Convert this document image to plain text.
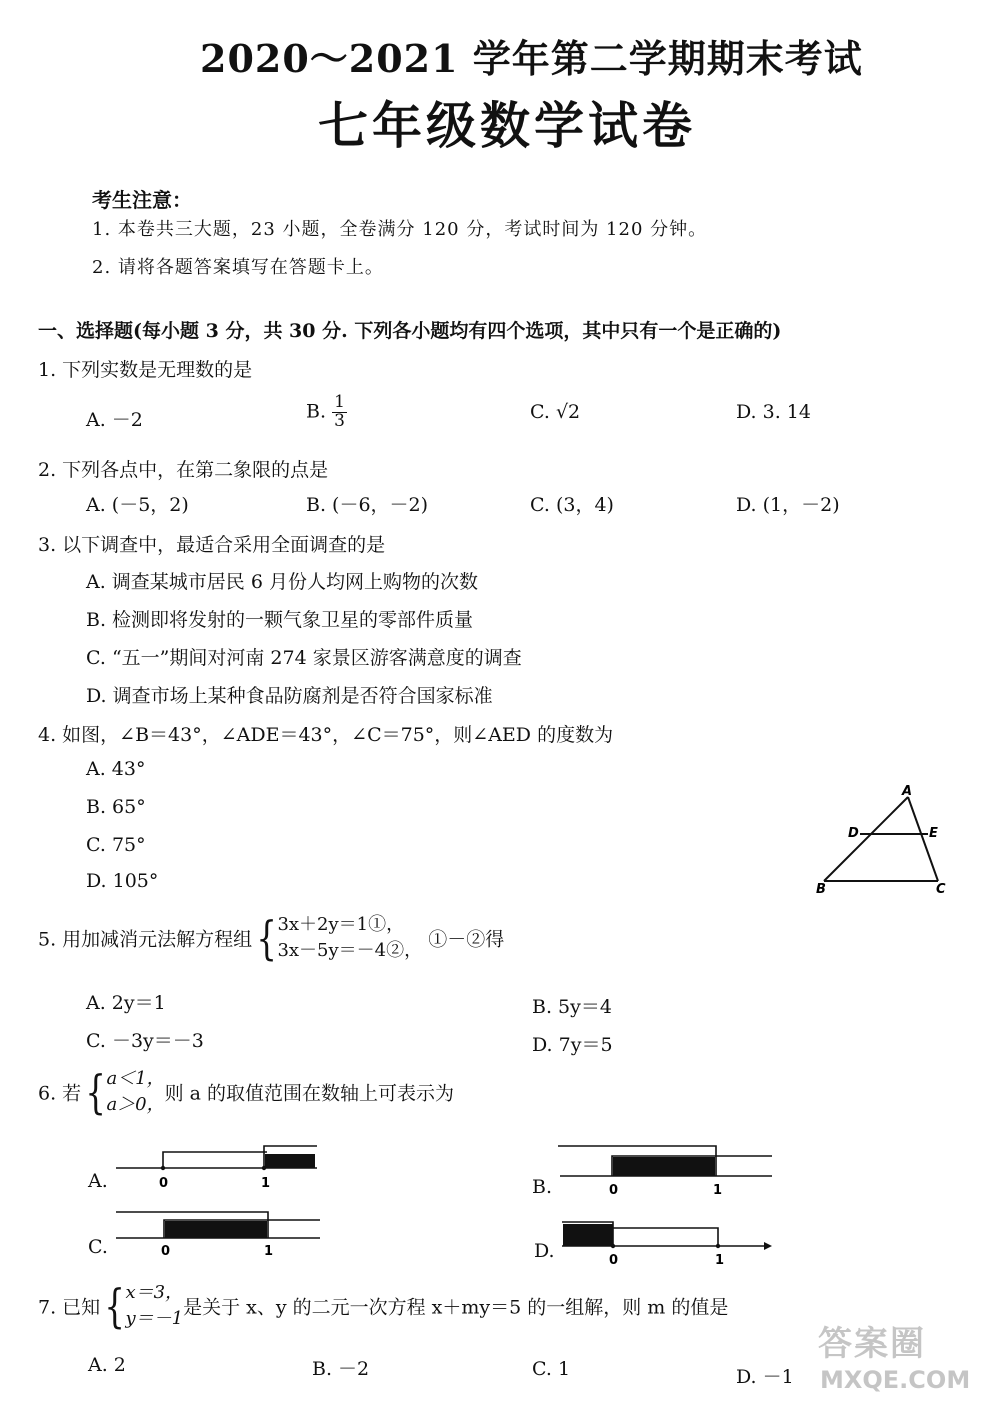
2020～2021 学年第二学期期末考试
七年级数学试卷
考生注意：
1. 本卷共三大题，23 小题，全卷满分 120 分，考试时间为 120 分钟。
2. 请将各题答案填写在答题卡上。
一、选择题(每小题 3 分，共 30 分. 下列各小题均有四个选项，其中只有一个是正确的)
1. 下列实数是无理数的是
A. －2	B. $\frac{1}{3}$	C. √2	D. 3. 14
2. 下列各点中，在第二象限的点是
A. (－5，2)	B. (－6，－2)	C. (3，4)	D. (1，－2)
3. 以下调查中，最适合采用全面调查的是
A. 调查某城市居民 6 月份人均网上购物的次数
B. 检测即将发射的一颗气象卫星的零部件质量
C. “五一”期间对河南 274 家景区游客满意度的调查
D. 调查市场上某种食品防腐剂是否符合国家标准
4. 如图，∠B＝43°，∠ADE＝43°，∠C＝75°，则∠AED 的度数为
A. 43°
B. 65°
C. 75°
D. 105°
A
D	E
B	C
5. 用加减消元法解方程组{ 3x＋2y＝1①，
3x－5y＝－4②， ①－②得
A. 2y＝1	B. 5y＝4
C. －3y＝－3	D. 7y＝5
6. 若{ a＜1，
a＞0， 则 a 的取值范围在数轴上可表示为
A.	0	1	B.	0	1
C.	0	1	D.	0	1
7. 已知{ x＝3，
y＝－1 是关于 x、y 的二元一次方程 x＋my＝5 的一组解，则 m 的值是
A. 2	B. －2	C. 1	D. －1
答案圈
MXQE.COM
